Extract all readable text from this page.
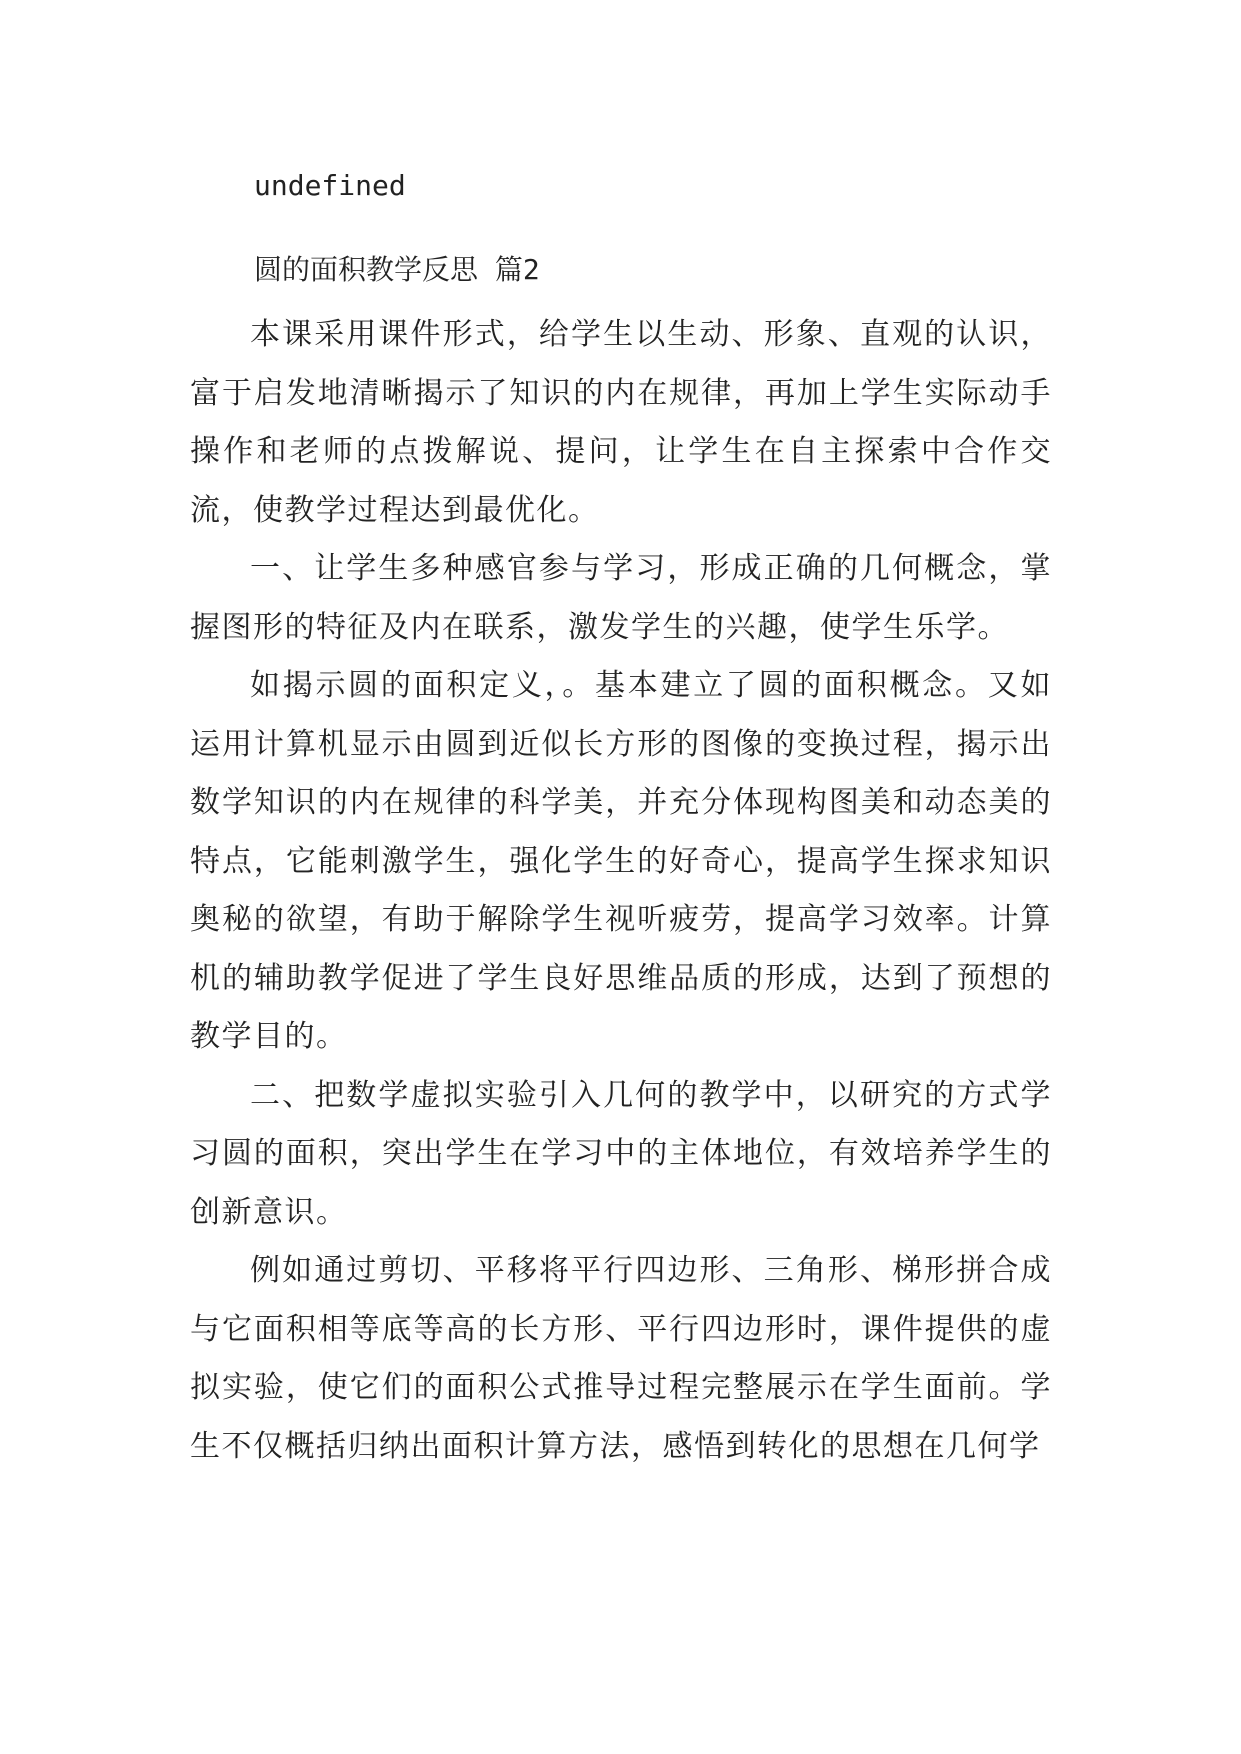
undefined

圆的面积教学反思 篇2

本课采用课件形式，给学生以生动、形象、直观的认识，富于启发地清晰揭示了知识的内在规律，再加上学生实际动手操作和老师的点拨解说、提问，让学生在自主探索中合作交流，使教学过程达到最优化。

一、让学生多种感官参与学习，形成正确的几何概念，掌握图形的特征及内在联系，激发学生的兴趣，使学生乐学。

如揭示圆的面积定义，。基本建立了圆的面积概念。又如运用计算机显示由圆到近似长方形的图像的变换过程，揭示出数学知识的内在规律的科学美，并充分体现构图美和动态美的特点，它能刺激学生，强化学生的好奇心，提高学生探求知识奥秘的欲望，有助于解除学生视听疲劳，提高学习效率。计算机的辅助教学促进了学生良好思维品质的形成，达到了预想的教学目的。

二、把数学虚拟实验引入几何的教学中，以研究的方式学习圆的面积，突出学生在学习中的主体地位，有效培养学生的创新意识。

例如通过剪切、平移将平行四边形、三角形、梯形拼合成与它面积相等底等高的长方形、平行四边形时，课件提供的虚拟实验，使它们的面积公式推导过程完整展示在学生面前。学生不仅概括归纳出面积计算方法，感悟到转化的思想在几何学
